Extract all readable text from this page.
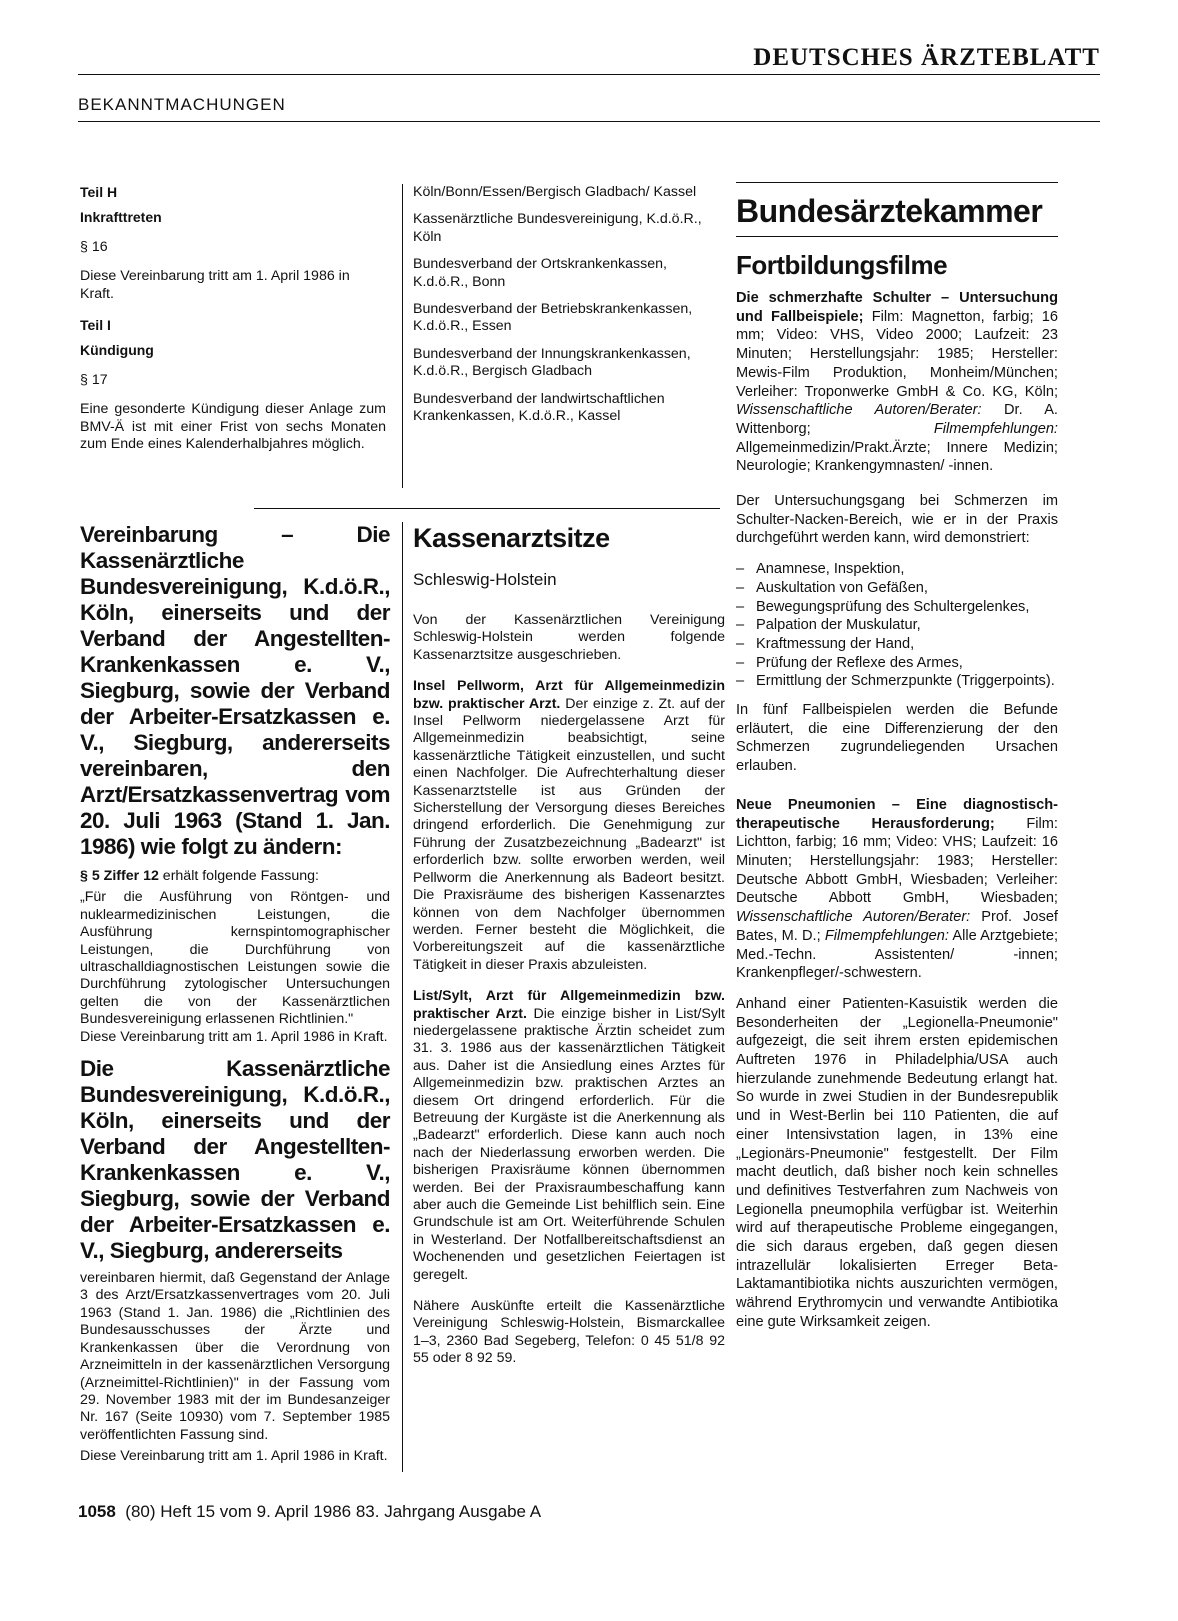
DEUTSCHES ÄRZTEBLATT
BEKANNTMACHUNGEN

Teil H

Inkrafttreten

§ 16

Diese Vereinbarung tritt am 1. April 1986 in Kraft.

Teil I

Kündigung

§ 17

Eine gesonderte Kündigung dieser Anlage zum BMV-Ä ist mit einer Frist von sechs Monaten zum Ende eines Kalenderhalbjahres möglich.

Köln/Bonn/Essen/Bergisch Gladbach/ Kassel

Kassenärztliche Bundesvereinigung, K.d.ö.R., Köln

Bundesverband der Ortskrankenkassen, K.d.ö.R., Bonn

Bundesverband der Betriebskrankenkassen, K.d.ö.R., Essen

Bundesverband der Innungskrankenkassen, K.d.ö.R., Bergisch Gladbach

Bundesverband der landwirtschaftlichen Krankenkassen, K.d.ö.R., Kassel

Vereinbarung – Die Kassenärztliche Bundesvereinigung, K.d.ö.R., Köln, einerseits und der Verband der Angestellten-Krankenkassen e. V., Siegburg, sowie der Verband der Arbeiter-Ersatzkassen e. V., Siegburg, andererseits vereinbaren, den Arzt/Ersatzkassenvertrag vom 20. Juli 1963 (Stand 1. Jan. 1986) wie folgt zu ändern:

§ 5 Ziffer 12 erhält folgende Fassung:

„Für die Ausführung von Röntgen- und nuklearmedizinischen Leistungen, die Ausführung kernspintomographischer Leistungen, die Durchführung von ultraschalldiagnostischen Leistungen sowie die Durchführung zytologischer Untersuchungen gelten die von der Kassenärztlichen Bundesvereinigung erlassenen Richtlinien."

Diese Vereinbarung tritt am 1. April 1986 in Kraft.

Die Kassenärztliche Bundesvereinigung, K.d.ö.R., Köln, einerseits und der Verband der Angestellten-Krankenkassen e. V., Siegburg, sowie der Verband der Arbeiter-Ersatzkassen e. V., Siegburg, andererseits

vereinbaren hiermit, daß Gegenstand der Anlage 3 des Arzt/Ersatzkassenvertrages vom 20. Juli 1963 (Stand 1. Jan. 1986) die „Richtlinien des Bundesausschusses der Ärzte und Krankenkassen über die Verordnung von Arzneimitteln in der kassenärztlichen Versorgung (Arzneimittel-Richtlinien)" in der Fassung vom 29. November 1983 mit der im Bundesanzeiger Nr. 167 (Seite 10930) vom 7. September 1985 veröffentlichten Fassung sind.

Diese Vereinbarung tritt am 1. April 1986 in Kraft.

Kassenarztsitze

Schleswig-Holstein

Von der Kassenärztlichen Vereinigung Schleswig-Holstein werden folgende Kassenarztsitze ausgeschrieben.

Insel Pellworm, Arzt für Allgemeinmedizin bzw. praktischer Arzt. Der einzige z. Zt. auf der Insel Pellworm niedergelassene Arzt für Allgemeinmedizin beabsichtigt, seine kassenärztliche Tätigkeit einzustellen, und sucht einen Nachfolger. Die Aufrechterhaltung dieser Kassenarztstelle ist aus Gründen der Sicherstellung der Versorgung dieses Bereiches dringend erforderlich. Die Genehmigung zur Führung der Zusatzbezeichnung „Badearzt" ist erforderlich bzw. sollte erworben werden, weil Pellworm die Anerkennung als Badeort besitzt. Die Praxisräume des bisherigen Kassenarztes können von dem Nachfolger übernommen werden. Ferner besteht die Möglichkeit, die Vorbereitungszeit auf die kassenärztliche Tätigkeit in dieser Praxis abzuleisten.

List/Sylt, Arzt für Allgemeinmedizin bzw. praktischer Arzt. Die einzige bisher in List/Sylt niedergelassene praktische Ärztin scheidet zum 31. 3. 1986 aus der kassenärztlichen Tätigkeit aus. Daher ist die Ansiedlung eines Arztes für Allgemeinmedizin bzw. praktischen Arztes an diesem Ort dringend erforderlich. Für die Betreuung der Kurgäste ist die Anerkennung als „Badearzt" erforderlich. Diese kann auch noch nach der Niederlassung erworben werden. Die bisherigen Praxisräume können übernommen werden. Bei der Praxisraumbeschaffung kann aber auch die Gemeinde List behilflich sein. Eine Grundschule ist am Ort. Weiterführende Schulen in Westerland. Der Notfallbereitschaftsdienst an Wochenenden und gesetzlichen Feiertagen ist geregelt.

Nähere Auskünfte erteilt die Kassenärztliche Vereinigung Schleswig-Holstein, Bismarckallee 1–3, 2360 Bad Segeberg, Telefon: 0 45 51/8 92 55 oder 8 92 59.

Bundesärztekammer

Fortbildungsfilme

Die schmerzhafte Schulter – Untersuchung und Fallbeispiele; Film: Magnetton, farbig; 16 mm; Video: VHS, Video 2000; Laufzeit: 23 Minuten; Herstellungsjahr: 1985; Hersteller: Mewis-Film Produktion, Monheim/München; Verleiher: Troponwerke GmbH & Co. KG, Köln; Wissenschaftliche Autoren/Berater: Dr. A. Wittenborg; Filmempfehlungen: Allgemeinmedizin/Prakt.Ärzte; Innere Medizin; Neurologie; Krankengymnasten/ -innen.

Der Untersuchungsgang bei Schmerzen im Schulter-Nacken-Bereich, wie er in der Praxis durchgeführt werden kann, wird demonstriert:

– Anamnese, Inspektion,
– Auskultation von Gefäßen,
– Bewegungsprüfung des Schultergelenkes,
– Palpation der Muskulatur,
– Kraftmessung der Hand,
– Prüfung der Reflexe des Armes,
– Ermittlung der Schmerzpunkte (Triggerpoints).

In fünf Fallbeispielen werden die Befunde erläutert, die eine Differenzierung der den Schmerzen zugrundeliegenden Ursachen erlauben.

Neue Pneumonien – Eine diagnostisch-therapeutische Herausforderung; Film: Lichtton, farbig; 16 mm; Video: VHS; Laufzeit: 16 Minuten; Herstellungsjahr: 1983; Hersteller: Deutsche Abbott GmbH, Wiesbaden; Verleiher: Deutsche Abbott GmbH, Wiesbaden; Wissenschaftliche Autoren/Berater: Prof. Josef Bates, M. D.; Filmempfehlungen: Alle Arztgebiete; Med.-Techn. Assistenten/ -innen; Krankenpfleger/-schwestern.

Anhand einer Patienten-Kasuistik werden die Besonderheiten der „Legionella-Pneumonie" aufgezeigt, die seit ihrem ersten epidemischen Auftreten 1976 in Philadelphia/USA auch hierzulande zunehmende Bedeutung erlangt hat. So wurde in zwei Studien in der Bundesrepublik und in West-Berlin bei 110 Patienten, die auf einer Intensivstation lagen, in 13% eine „Legionärs-Pneumonie" festgestellt. Der Film macht deutlich, daß bisher noch kein schnelles und definitives Testverfahren zum Nachweis von Legionella pneumophila verfügbar ist. Weiterhin wird auf therapeutische Probleme eingegangen, die sich daraus ergeben, daß gegen diesen intrazellulär lokalisierten Erreger Beta-Laktamantibiotika nichts auszurichten vermögen, während Erythromycin und verwandte Antibiotika eine gute Wirksamkeit zeigen.

1058 (80) Heft 15 vom 9. April 1986 83. Jahrgang Ausgabe A
